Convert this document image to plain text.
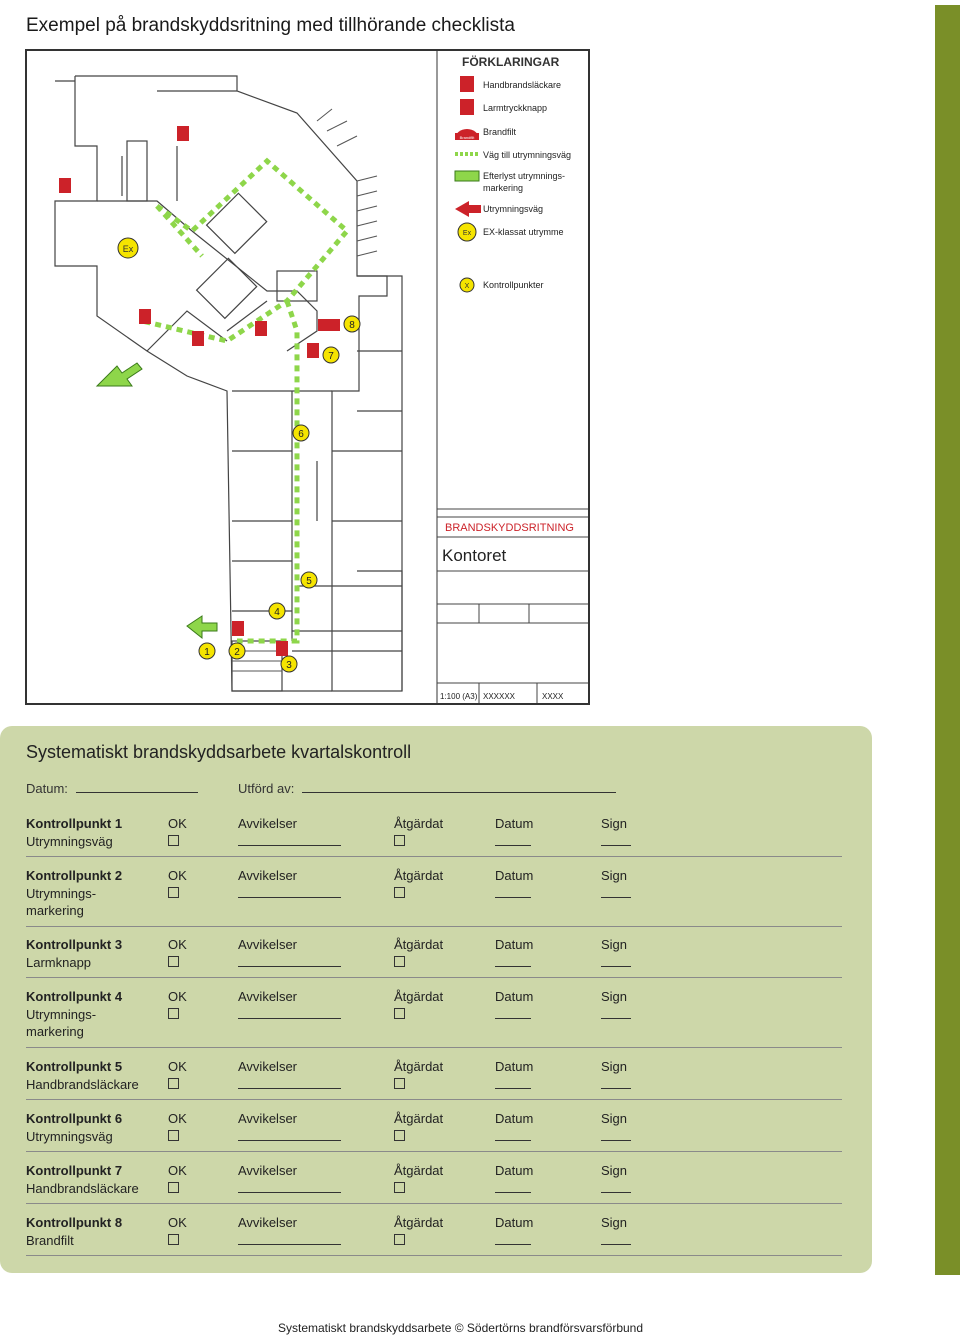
Exempel på brandskyddsritning med tillhörande checklista
Ex
1 2
3
4
5
6
7
8
FÖRKLARINGAR
Handbrandsläckare
Larmtryckknapp
Brandfilt
Brandfilt
Väg till utrymningsväg
Efterlyst utrymnings-
markering
Utrymningsväg
Ex EX-klassat utrymme
X Kontrollpunkter
BRANDSKYDDSRITNING
Kontoret
1:100 (A3) XXXXXX	XXXX
Systematiskt brandskyddsarbete kvartalskontroll
Datum:	Utförd av:
Kontrollpunkt 1
Utrymningsväg
OK	Avvikelser	Åtgärdat	Datum	Sign
Kontrollpunkt 2
Utrymnings-
markering
OK	Avvikelser	Åtgärdat	Datum	Sign
Kontrollpunkt 3
Larmknapp
OK	Avvikelser	Åtgärdat	Datum	Sign
Kontrollpunkt 4
Utrymnings-
markering
OK	Avvikelser	Åtgärdat	Datum	Sign
Kontrollpunkt 5
Handbrandsläckare
OK	Avvikelser	Åtgärdat	Datum	Sign
Kontrollpunkt 6
Utrymningsväg
OK	Avvikelser	Åtgärdat	Datum	Sign
Kontrollpunkt 7
Handbrandsläckare
OK	Avvikelser	Åtgärdat	Datum	Sign
Kontrollpunkt 8
Brandfilt
OK	Avvikelser	Åtgärdat	Datum	Sign
Systematiskt brandskyddsarbete © Södertörns brandförsvarsförbund
